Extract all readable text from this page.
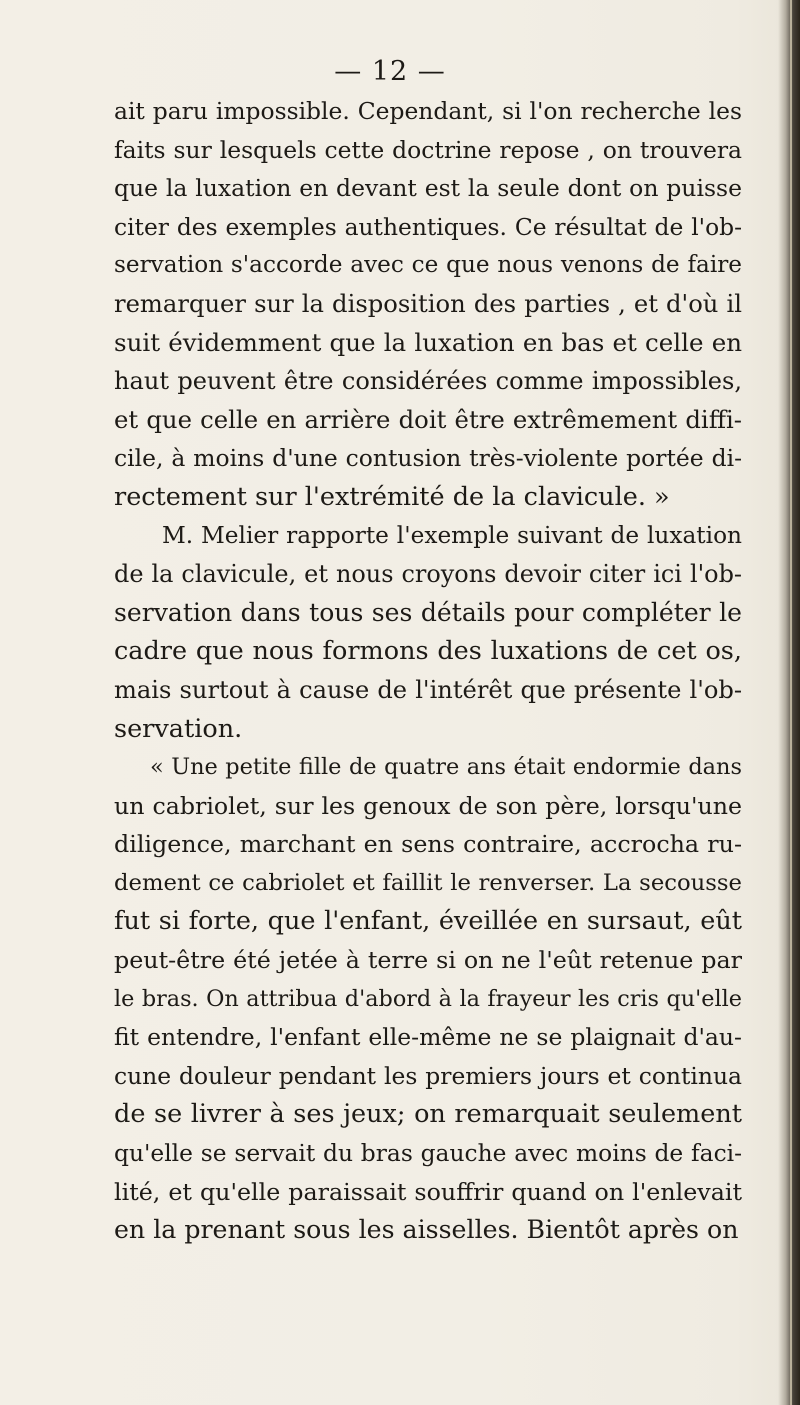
— 12 —
ait paru impossible. Cependant, si l'on recherche les
faits sur lesquels cette doctrine repose , on trouvera
que la luxation en devant est la seule dont on puisse
citer des exemples authentiques. Ce résultat de l'ob-
servation s'accorde avec ce que nous venons de faire
remarquer sur la disposition des parties , et d'où il
suit évidemment que la luxation en bas et celle en
haut peuvent être considérées comme impossibles,
et que celle en arrière doit être extrêmement diffi-
cile, à moins d'une contusion très-violente portée di-
rectement sur l'extrémité de la clavicule. »
M. Melier rapporte l'exemple suivant de luxation
de la clavicule, et nous croyons devoir citer ici l'ob-
servation dans tous ses détails pour compléter le
cadre que nous formons des luxations de cet os,
mais surtout à cause de l'intérêt que présente l'ob-
servation.
« Une petite fille de quatre ans était endormie dans
un cabriolet, sur les genoux de son père, lorsqu'une
diligence, marchant en sens contraire, accrocha ru-
dement ce cabriolet et faillit le renverser. La secousse
fut si forte, que l'enfant, éveillée en sursaut, eût
peut-être été jetée à terre si on ne l'eût retenue par
le bras. On attribua d'abord à la frayeur les cris qu'elle
fit entendre, l'enfant elle-même ne se plaignait d'au-
cune douleur pendant les premiers jours et continua
de se livrer à ses jeux; on remarquait seulement
qu'elle se servait du bras gauche avec moins de faci-
lité, et qu'elle paraissait souffrir quand on l'enlevait
en la prenant sous les aisselles. Bientôt après on
